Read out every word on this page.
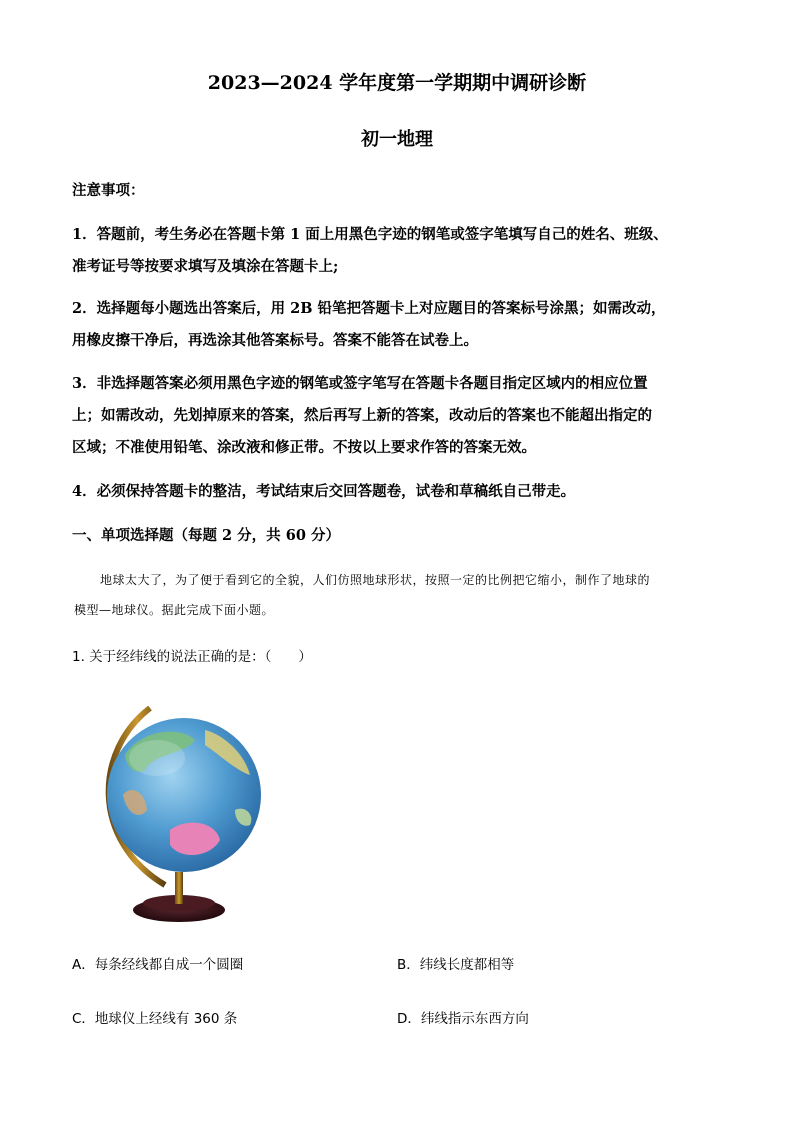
2023—2024 学年度第一学期期中调研诊断
初一地理
注意事项：
1．答题前，考生务必在答题卡第 1 面上用黑色字迹的钢笔或签字笔填写自己的姓名、班级、
准考证号等按要求填写及填涂在答题卡上;
2．选择题每小题选出答案后，用 2B 铅笔把答题卡上对应题目的答案标号涂黑；如需改动，
用橡皮擦干净后，再选涂其他答案标号。答案不能答在试卷上。
3．非选择题答案必须用黑色字迹的钢笔或签字笔写在答题卡各题目指定区域内的相应位置
上；如需改动，先划掉原来的答案，然后再写上新的答案，改动后的答案也不能超出指定的
区域；不准使用铅笔、涂改液和修正带。不按以上要求作答的答案无效。
4．必须保持答题卡的整洁，考试结束后交回答题卷，试卷和草稿纸自己带走。
一、单项选择题（每题 2 分，共 60 分）
地球太大了，为了便于看到它的全貌，人们仿照地球形状，按照一定的比例把它缩小，制作了地球的
模型—地球仪。据此完成下面小题。
1. 关于经纬线的说法正确的是：（　　）
A．每条经线都自成一个圆圈	B．纬线长度都相等
C．地球仪上经线有 360 条	D．纬线指示东西方向
